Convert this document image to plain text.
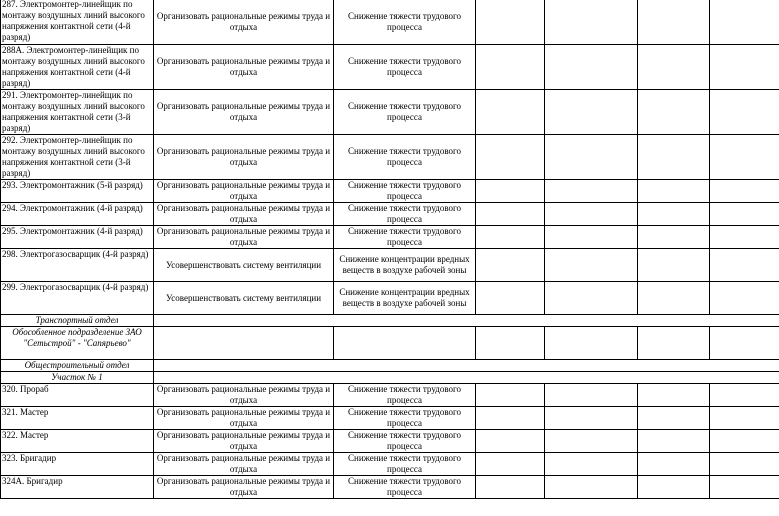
287. Электромонтер-линейщик по монтажу воздушных линий высокого напряжения контактной сети (4-й разряд)	Организовать рациональные режимы труда и отдыха	Снижение тяжести трудового процесса				
288А. Электромонтер-линейщик по монтажу воздушных линий высокого напряжения контактной сети (4-й разряд)	Организовать рациональные режимы труда и отдыха	Снижение тяжести трудового процесса				
291. Электромонтер-линейщик по монтажу воздушных линий высокого напряжения контактной сети (3-й разряд)	Организовать рациональные режимы труда и отдыха	Снижение тяжести трудового процесса				
292. Электромонтер-линейщик по монтажу воздушных линий высокого напряжения контактной сети (3-й разряд)	Организовать рациональные режимы труда и отдыха	Снижение тяжести трудового процесса				
293. Электромонтажник (5-й разряд)	Организовать рациональные режимы труда и отдыха	Снижение тяжести трудового процесса				
294. Электромонтажник (4-й разряд)	Организовать рациональные режимы труда и отдыха	Снижение тяжести трудового процесса				
295. Электромонтажник (4-й разряд)	Организовать рациональные режимы труда и отдыха	Снижение тяжести трудового процесса				
298. Электрогазосварщик (4-й разряд)	Усовершенствовать систему вентиляции	Снижение концентрации вредных веществ в воздухе рабочей зоны				
299. Электрогазосварщик (4-й разряд)	Усовершенствовать систему вентиляции	Снижение концентрации вредных веществ в воздухе рабочей зоны				
Транспортный отдел						
Обособленное подразделение ЗАО "Сетьстрой" - "Сапярьево"						
Общестроительный отдел						
Участок № 1						
320. Прораб	Организовать рациональные режимы труда и отдыха	Снижение тяжести трудового процесса				
321. Мастер	Организовать рациональные режимы труда и отдыха	Снижение тяжести трудового процесса				
322. Мастер	Организовать рациональные режимы труда и отдыха	Снижение тяжести трудового процесса				
323. Бригадир	Организовать рациональные режимы труда и отдыха	Снижение тяжести трудового процесса				
324А. Бригадир	Организовать рациональные режимы труда и отдыха	Снижение тяжести трудового процесса				
